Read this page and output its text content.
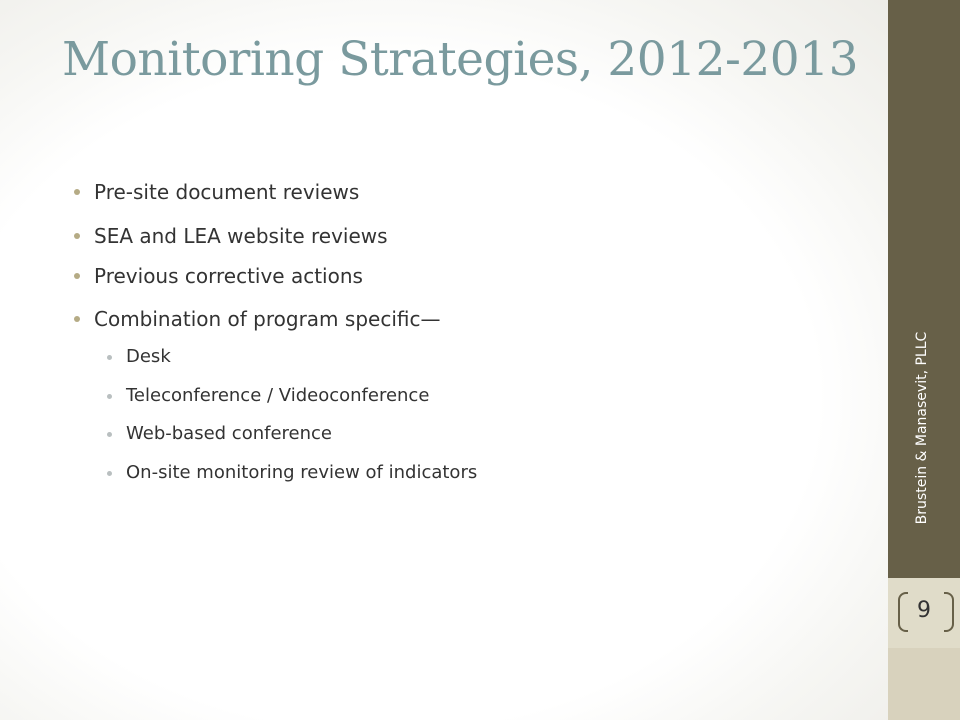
Monitoring Strategies, 2012-2013
Pre-site document reviews
SEA and LEA website reviews
Previous corrective actions
Combination of program specific—
Desk
Teleconference / Videoconference
Web-based conference
On-site monitoring review of indicators
9
Brustein & Manasevit, PLLC
